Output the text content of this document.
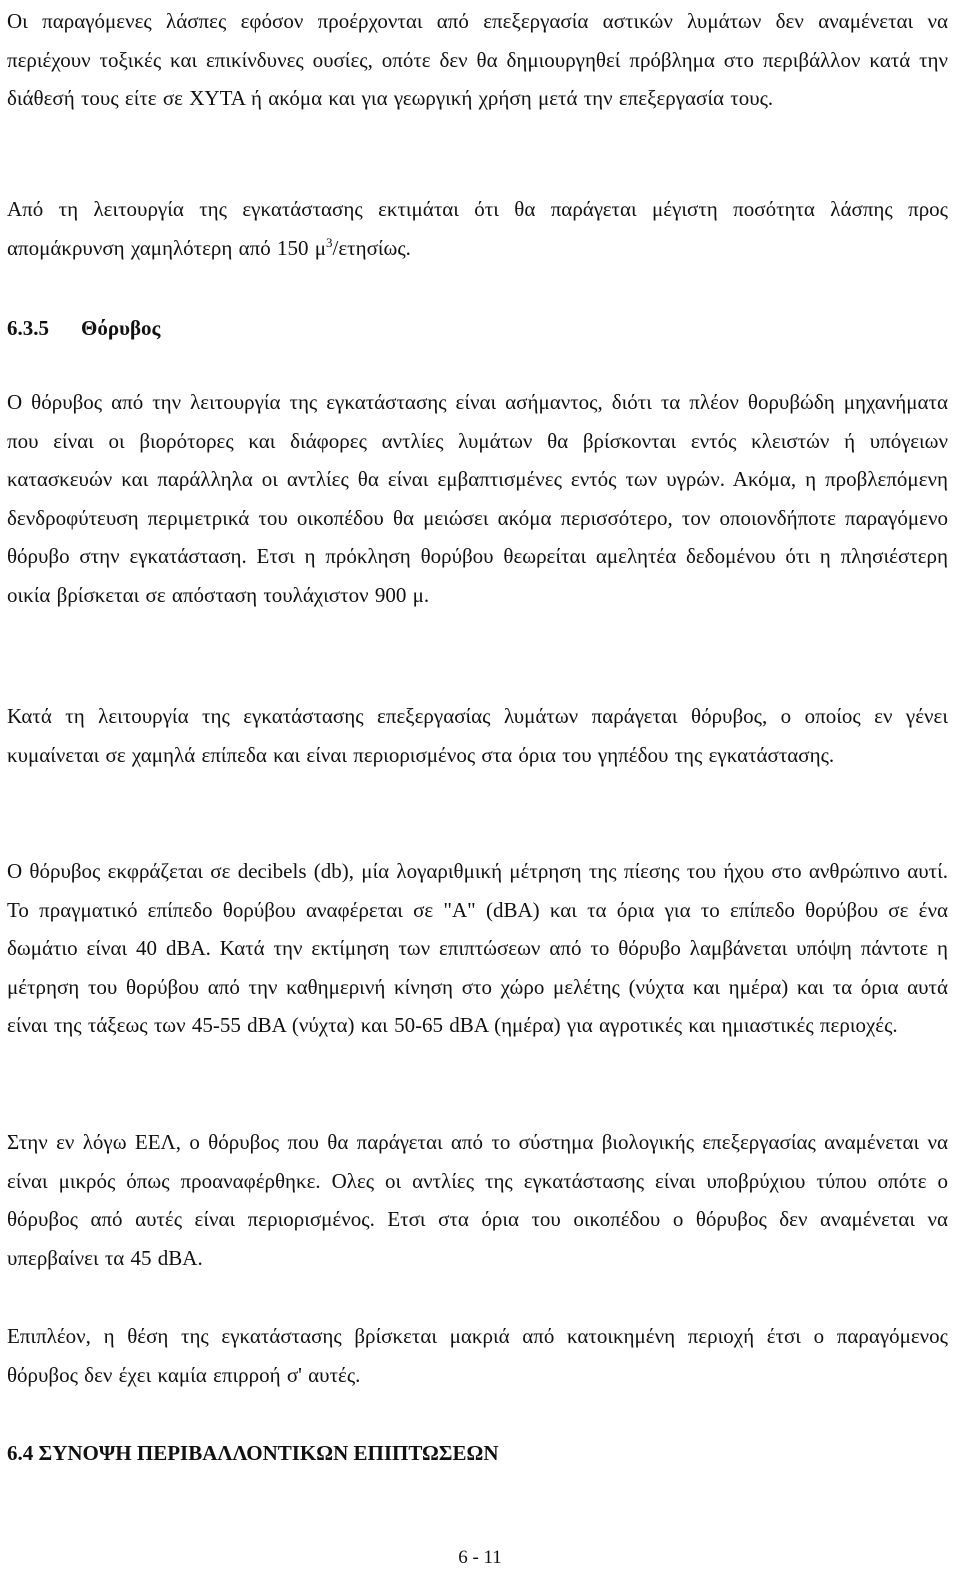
Οι παραγόμενες λάσπες εφόσον προέρχονται από επεξεργασία αστικών λυμάτων δεν αναμένεται να περιέχουν τοξικές και επικίνδυνες ουσίες, οπότε δεν θα δημιουργηθεί πρόβλημα στο περιβάλλον κατά την διάθεσή τους είτε σε ΧΥΤΑ ή ακόμα και για γεωργική χρήση μετά την επεξεργασία τους.

Από τη λειτουργία της εγκατάστασης εκτιμάται ότι θα παράγεται μέγιστη ποσότητα λάσπης προς απομάκρυνση χαμηλότερη από 150 $\mu^3$/ετησίως.

6.3.5 Θόρυβος

Ο θόρυβος από την λειτουργία της εγκατάστασης είναι ασήμαντος, διότι τα πλέον θορυβώδη μηχανήματα που είναι οι βιορότορες και διάφορες αντλίες λυμάτων θα βρίσκονται εντός κλειστών ή υπόγειων κατασκευών και παράλληλα οι αντλίες θα είναι εμβαπτισμένες εντός των υγρών. Ακόμα, η προβλεπόμενη δενδροφύτευση περιμετρικά του οικοπέδου θα μειώσει ακόμα περισσότερο, τον οποιονδήποτε παραγόμενο θόρυβο στην εγκατάσταση. Ετσι η πρόκληση θορύβου θεωρείται αμελητέα δεδομένου ότι η πλησιέστερη οικία βρίσκεται σε απόσταση τουλάχιστον 900 μ.

Κατά τη λειτουργία της εγκατάστασης επεξεργασίας λυμάτων παράγεται θόρυβος, ο οποίος εν γένει κυμαίνεται σε χαμηλά επίπεδα και είναι περιορισμένος στα όρια του γηπέδου της εγκατάστασης.

Ο θόρυβος εκφράζεται σε decibels (db), μία λογαριθμική μέτρηση της πίεσης του ήχου στο ανθρώπινο αυτί. Το πραγματικό επίπεδο θορύβου αναφέρεται σε "A" (dBA) και τα όρια για το επίπεδο θορύβου σε ένα δωμάτιο είναι 40 dBA. Κατά την εκτίμηση των επιπτώσεων από το θόρυβο λαμβάνεται υπόψη πάντοτε η μέτρηση του θορύβου από την καθημερινή κίνηση στο χώρο μελέτης (νύχτα και ημέρα) και τα όρια αυτά είναι της τάξεως των 45-55 dBA (νύχτα) και 50-65 dBA (ημέρα) για αγροτικές και ημιαστικές περιοχές.

Στην εν λόγω ΕΕΛ, ο θόρυβος που θα παράγεται από το σύστημα βιολογικής επεξεργασίας αναμένεται να είναι μικρός όπως προαναφέρθηκε. Ολες οι αντλίες της εγκατάστασης είναι υποβρύχιου τύπου οπότε ο θόρυβος από αυτές είναι περιορισμένος. Ετσι στα όρια του οικοπέδου ο θόρυβος δεν αναμένεται να υπερβαίνει τα 45 dBA.

Επιπλέον, η θέση της εγκατάστασης βρίσκεται μακριά από κατοικημένη περιοχή έτσι ο παραγόμενος θόρυβος δεν έχει καμία επιρροή σ' αυτές.

6.4 ΣΥΝΟΨΗ ΠΕΡΙΒΑΛΛΟΝΤΙΚΩΝ ΕΠΙΠΤΩΣΕΩΝ
6 - 11
